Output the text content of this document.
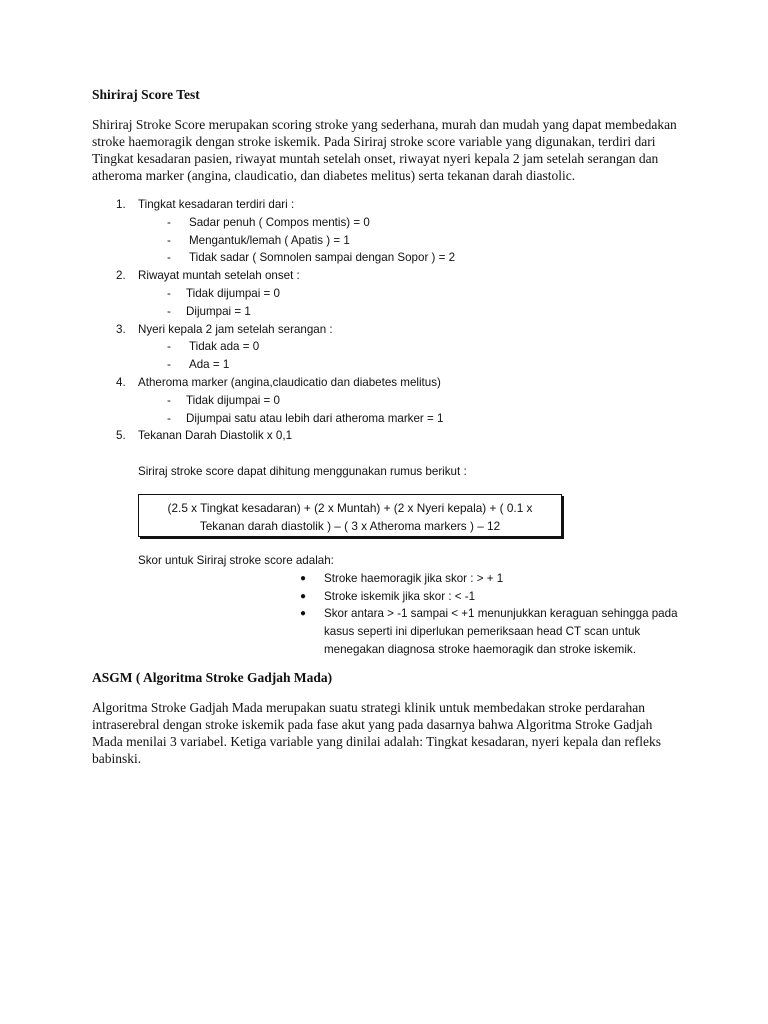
Shiriraj Score Test

Shiriraj Stroke Score merupakan scoring stroke yang sederhana, murah dan mudah yang dapat membedakan stroke haemoragik dengan stroke iskemik. Pada Siriraj stroke score variable yang digunakan, terdiri dari Tingkat kesadaran pasien, riwayat muntah setelah onset, riwayat nyeri kepala 2 jam setelah serangan dan atheroma marker (angina, claudicatio, dan diabetes melitus) serta tekanan darah diastolic.

1. Tingkat kesadaran terdiri dari :
- Sadar penuh ( Compos mentis) = 0
- Mengantuk/lemah ( Apatis ) = 1
- Tidak sadar ( Somnolen sampai dengan Sopor ) = 2
2. Riwayat muntah setelah onset :
- Tidak dijumpai = 0
- Dijumpai = 1
3. Nyeri kepala 2 jam setelah serangan :
- Tidak ada = 0
- Ada = 1
4. Atheroma marker (angina,claudicatio dan diabetes melitus)
- Tidak dijumpai = 0
- Dijumpai satu atau lebih dari atheroma marker = 1
5. Tekanan Darah Diastolik x 0,1
Siriraj stroke score dapat dihitung menggunakan rumus berikut :
(2.5 x Tingkat kesadaran) + (2 x Muntah) + (2 x Nyeri kepala) + ( 0.1 x
Tekanan darah diastolik ) – ( 3 x Atheroma markers ) – 12
Skor untuk Siriraj stroke score adalah:
● Stroke haemoragik jika skor : > + 1
● Stroke iskemik jika skor : < -1
● Skor antara > -1 sampai < +1 menunjukkan keraguan sehingga pada kasus seperti ini diperlukan pemeriksaan head CT scan untuk menegakan diagnosa stroke haemoragik dan stroke iskemik.
ASGM ( Algoritma Stroke Gadjah Mada)

Algoritma Stroke Gadjah Mada merupakan suatu strategi klinik untuk membedakan stroke perdarahan intraserebral dengan stroke iskemik pada fase akut yang pada dasarnya bahwa Algoritma Stroke Gadjah Mada menilai 3 variabel. Ketiga variable yang dinilai adalah: Tingkat kesadaran, nyeri kepala dan refleks babinski.
